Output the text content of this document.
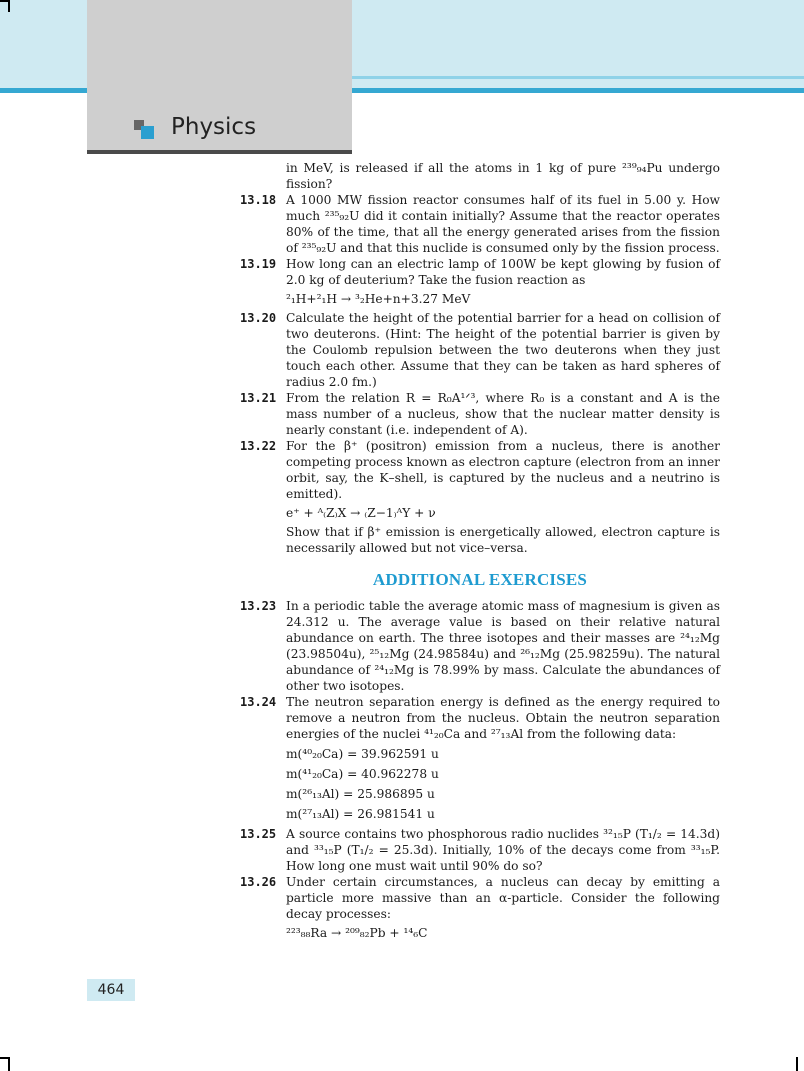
Physics

in MeV, is released if all the atoms in 1 kg of pure ²³⁹₉₄Pu undergo fission?

13.18 A 1000 MW fission reactor consumes half of its fuel in 5.00 y. How much ²³⁵₉₂U did it contain initially? Assume that the reactor operates 80% of the time, that all the energy generated arises from the fission of ²³⁵₉₂U and that this nuclide is consumed only by the fission process.
13.19 How long can an electric lamp of 100W be kept glowing by fusion of 2.0 kg of deuterium? Take the fusion reaction as
²₁H+²₁H → ³₂He+n+3.27 MeV
13.20 Calculate the height of the potential barrier for a head on collision of two deuterons. (Hint: The height of the potential barrier is given by the Coulomb repulsion between the two deuterons when they just touch each other. Assume that they can be taken as hard spheres of radius 2.0 fm.)
13.21 From the relation R = R₀A¹ᐟ³, where R₀ is a constant and A is the mass number of a nucleus, show that the nuclear matter density is nearly constant (i.e. independent of A).
13.22 For the β⁺ (positron) emission from a nucleus, there is another competing process known as electron capture (electron from an inner orbit, say, the K–shell, is captured by the nucleus and a neutrino is emitted).
e⁺ + ᴬ₍Z₎X → ₍Z−1₎ᴬY + ν

Show that if β⁺ emission is energetically allowed, electron capture is necessarily allowed but not vice–versa.

ADDITIONAL EXERCISES
13.23 In a periodic table the average atomic mass of magnesium is given as 24.312 u. The average value is based on their relative natural abundance on earth. The three isotopes and their masses are ²⁴₁₂Mg (23.98504u), ²⁵₁₂Mg (24.98584u) and ²⁶₁₂Mg (25.98259u). The natural abundance of ²⁴₁₂Mg is 78.99% by mass. Calculate the abundances of other two isotopes.
13.24 The neutron separation energy is defined as the energy required to remove a neutron from the nucleus. Obtain the neutron separation energies of the nuclei ⁴¹₂₀Ca and ²⁷₁₃Al from the following data:
m(⁴⁰₂₀Ca) = 39.962591 u
m(⁴¹₂₀Ca) = 40.962278 u
m(²⁶₁₃Al) = 25.986895 u
m(²⁷₁₃Al) = 26.981541 u
13.25 A source contains two phosphorous radio nuclides ³²₁₅P (T₁/₂ = 14.3d) and ³³₁₅P (T₁/₂ = 25.3d). Initially, 10% of the decays come from ³³₁₅P. How long one must wait until 90% do so?
13.26 Under certain circumstances, a nucleus can decay by emitting a particle more massive than an α-particle. Consider the following decay processes:
²²³₈₈Ra → ²⁰⁹₈₂Pb + ¹⁴₆C
464
